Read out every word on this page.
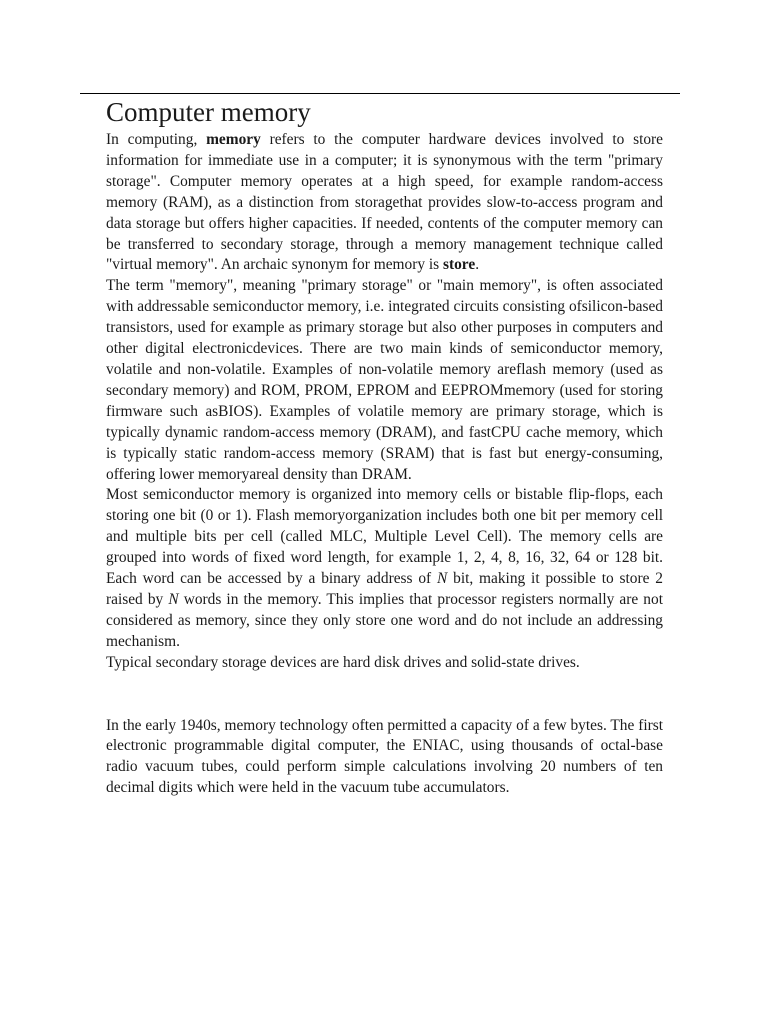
Computer memory

In computing, memory refers to the computer hardware devices involved to store information for immediate use in a computer; it is synonymous with the term "primary storage". Computer memory operates at a high speed, for example random-access memory (RAM), as a distinction from storagethat provides slow-to-access program and data storage but offers higher capacities. If needed, contents of the computer memory can be transferred to secondary storage, through a memory management technique called "virtual memory". An archaic synonym for memory is store.

The term "memory", meaning "primary storage" or "main memory", is often associated with addressable semiconductor memory, i.e. integrated circuits consisting ofsilicon-based transistors, used for example as primary storage but also other purposes in computers and other digital electronicdevices. There are two main kinds of semiconductor memory, volatile and non-volatile. Examples of non-volatile memory areflash memory (used as secondary memory) and ROM, PROM, EPROM and EEPROMmemory (used for storing firmware such asBIOS). Examples of volatile memory are primary storage, which is typically dynamic random-access memory (DRAM), and fastCPU cache memory, which is typically static random-access memory (SRAM) that is fast but energy-consuming, offering lower memoryareal density than DRAM.

Most semiconductor memory is organized into memory cells or bistable flip-flops, each storing one bit (0 or 1). Flash memoryorganization includes both one bit per memory cell and multiple bits per cell (called MLC, Multiple Level Cell). The memory cells are grouped into words of fixed word length, for example 1, 2, 4, 8, 16, 32, 64 or 128 bit. Each word can be accessed by a binary address of N bit, making it possible to store 2 raised by N words in the memory. This implies that processor registers normally are not considered as memory, since they only store one word and do not include an addressing mechanism.

Typical secondary storage devices are hard disk drives and solid-state drives.

In the early 1940s, memory technology often permitted a capacity of a few bytes. The first electronic programmable digital computer, the ENIAC, using thousands of octal-base radio vacuum tubes, could perform simple calculations involving 20 numbers of ten decimal digits which were held in the vacuum tube accumulators.
